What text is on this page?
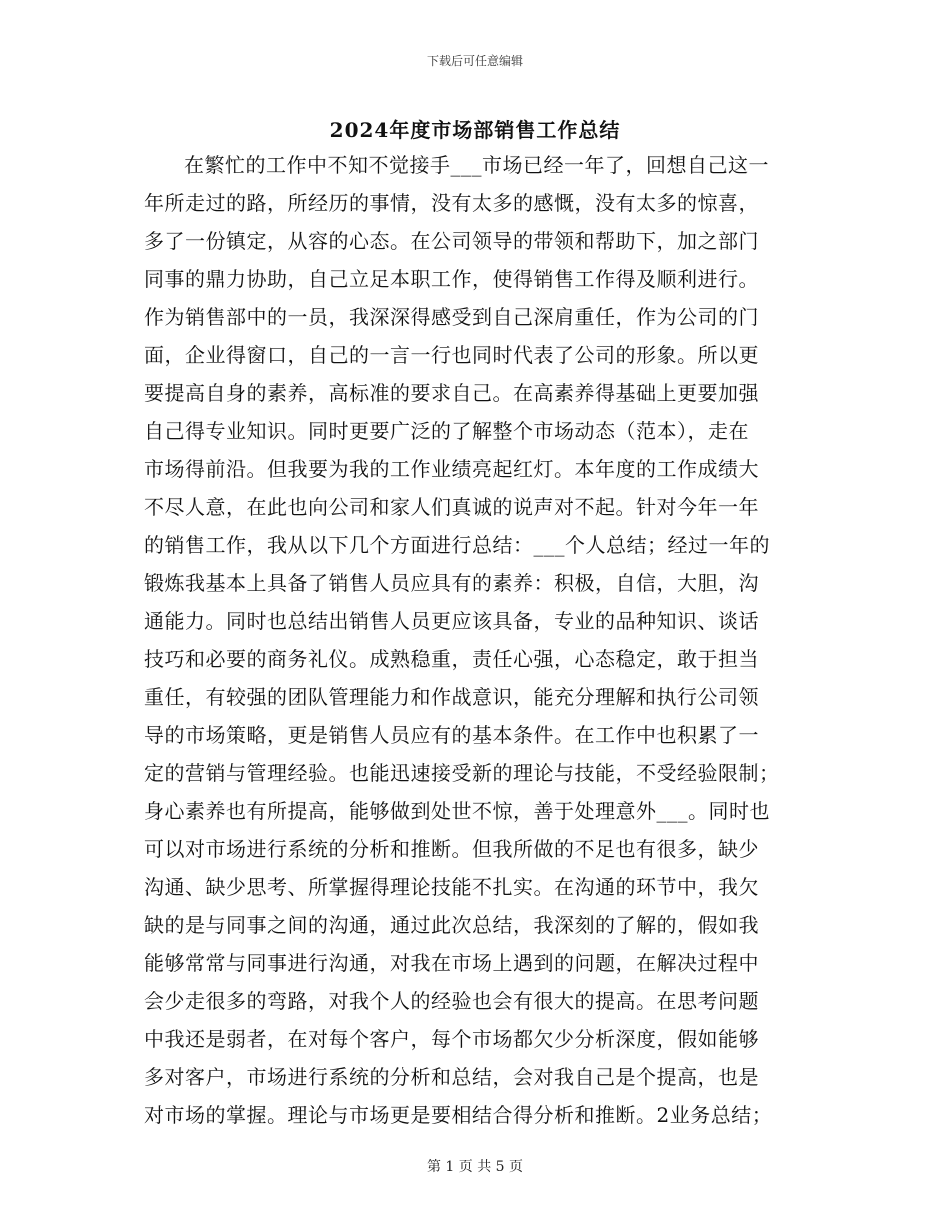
下载后可任意编辑
2024年度市场部销售工作总结
在繁忙的工作中不知不觉接手___市场已经一年了，回想自己这一
年所走过的路，所经历的事情，没有太多的感慨，没有太多的惊喜，
多了一份镇定，从容的心态。在公司领导的带领和帮助下，加之部门
同事的鼎力协助，自己立足本职工作，使得销售工作得及顺利进行。
作为销售部中的一员，我深深得感受到自己深肩重任，作为公司的门
面，企业得窗口，自己的一言一行也同时代表了公司的形象。所以更
要提高自身的素养，高标准的要求自己。在高素养得基础上更要加强
自己得专业知识。同时更要广泛的了解整个市场动态（范本），走在
市场得前沿。但我要为我的工作业绩亮起红灯。本年度的工作成绩大
不尽人意，在此也向公司和家人们真诚的说声对不起。针对今年一年
的销售工作，我从以下几个方面进行总结：___个人总结；经过一年的
锻炼我基本上具备了销售人员应具有的素养：积极，自信，大胆，沟
通能力。同时也总结出销售人员更应该具备，专业的品种知识、谈话
技巧和必要的商务礼仪。成熟稳重，责任心强，心态稳定，敢于担当
重任，有较强的团队管理能力和作战意识，能充分理解和执行公司领
导的市场策略，更是销售人员应有的基本条件。在工作中也积累了一
定的营销与管理经验。也能迅速接受新的理论与技能，不受经验限制；
身心素养也有所提高，能够做到处世不惊，善于处理意外___。同时也
可以对市场进行系统的分析和推断。但我所做的不足也有很多，缺少
沟通、缺少思考、所掌握得理论技能不扎实。在沟通的环节中，我欠
缺的是与同事之间的沟通，通过此次总结，我深刻的了解的，假如我
能够常常与同事进行沟通，对我在市场上遇到的问题，在解决过程中
会少走很多的弯路，对我个人的经验也会有很大的提高。在思考问题
中我还是弱者，在对每个客户，每个市场都欠少分析深度，假如能够
多对客户，市场进行系统的分析和总结，会对我自己是个提高，也是
对市场的掌握。理论与市场更是要相结合得分析和推断。2业务总结；
第 1 页 共 5 页
